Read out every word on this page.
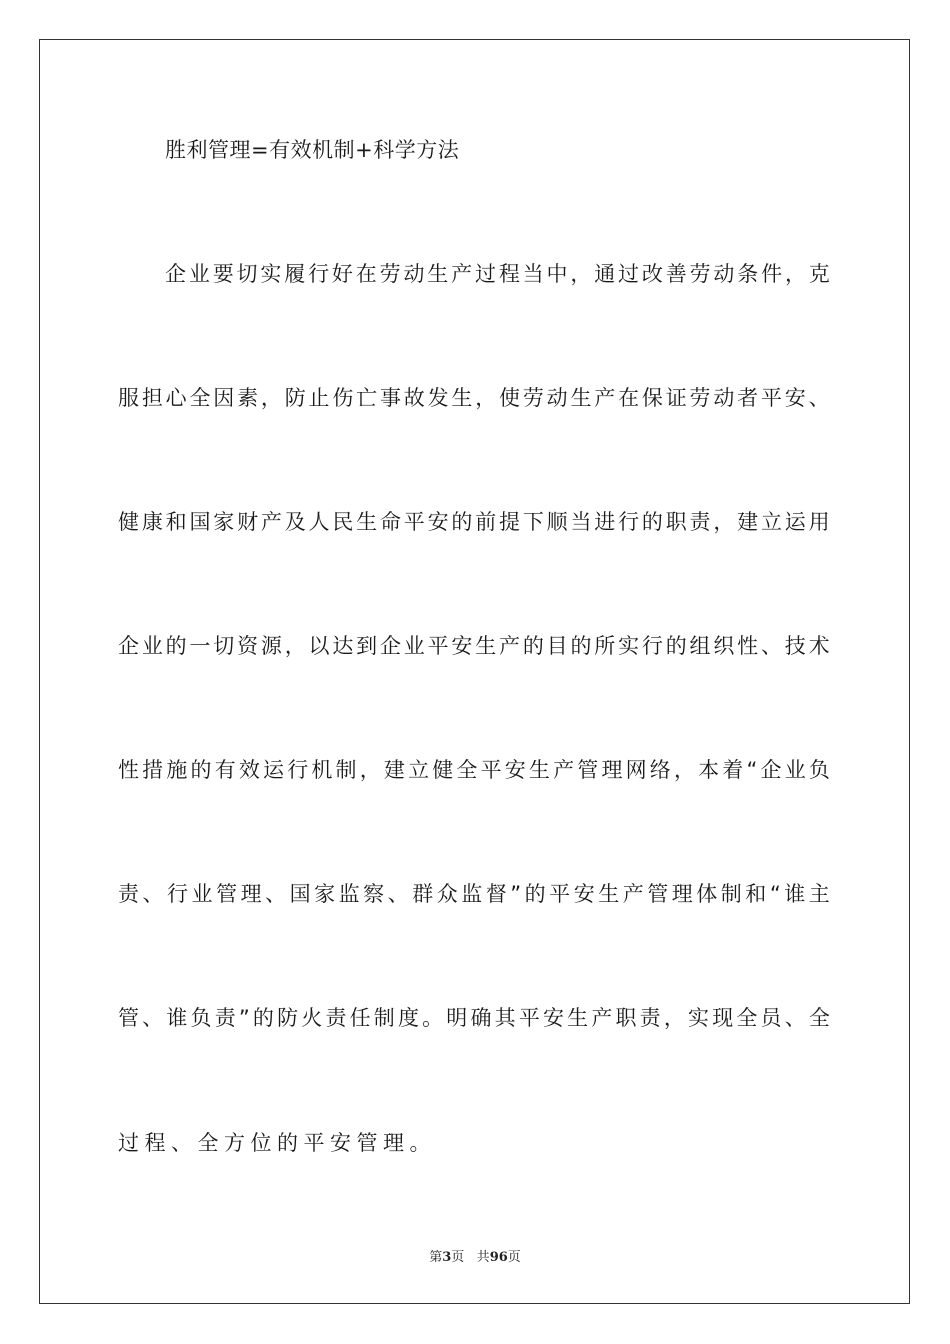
胜利管理=有效机制+科学方法
企 业 要 切 实 履 行 好 在 劳 动 生 产 过 程 当 中 ， 通 过 改 善 劳 动 条 件 ， 克
服 担 心 全 因 素 ， 防 止 伤 亡 事 故 发 生 ， 使 劳 动 生 产 在 保 证 劳 动 者 平 安 、
健 康 和 国 家 财 产 及 人 民 生 命 平 安 的 前 提 下 顺 当 进 行 的 职 责 ， 建 立 运 用
企 业 的 一 切 资 源 ， 以 达 到 企 业 平 安 生 产 的 目 的 所 实 行 的 组 织 性 、 技 术
性 措 施 的 有 效 运 行 机 制 ， 建 立 健 全 平 安 生 产 管 理 网 络 ， 本 着 “ 企 业 负
责 、 行 业 管 理 、 国 家 监 察 、 群 众 监 督 ” 的 平 安 生 产 管 理 体 制 和 “ 谁 主
管 、 谁 负 责 ” 的 防 火 责 任 制 度 。 明 确 其 平 安 生 产 职 责 ， 实 现 全 员 、 全
过 程 、 全 方 位 的 平 安 管 理 。
第3页 共96页
